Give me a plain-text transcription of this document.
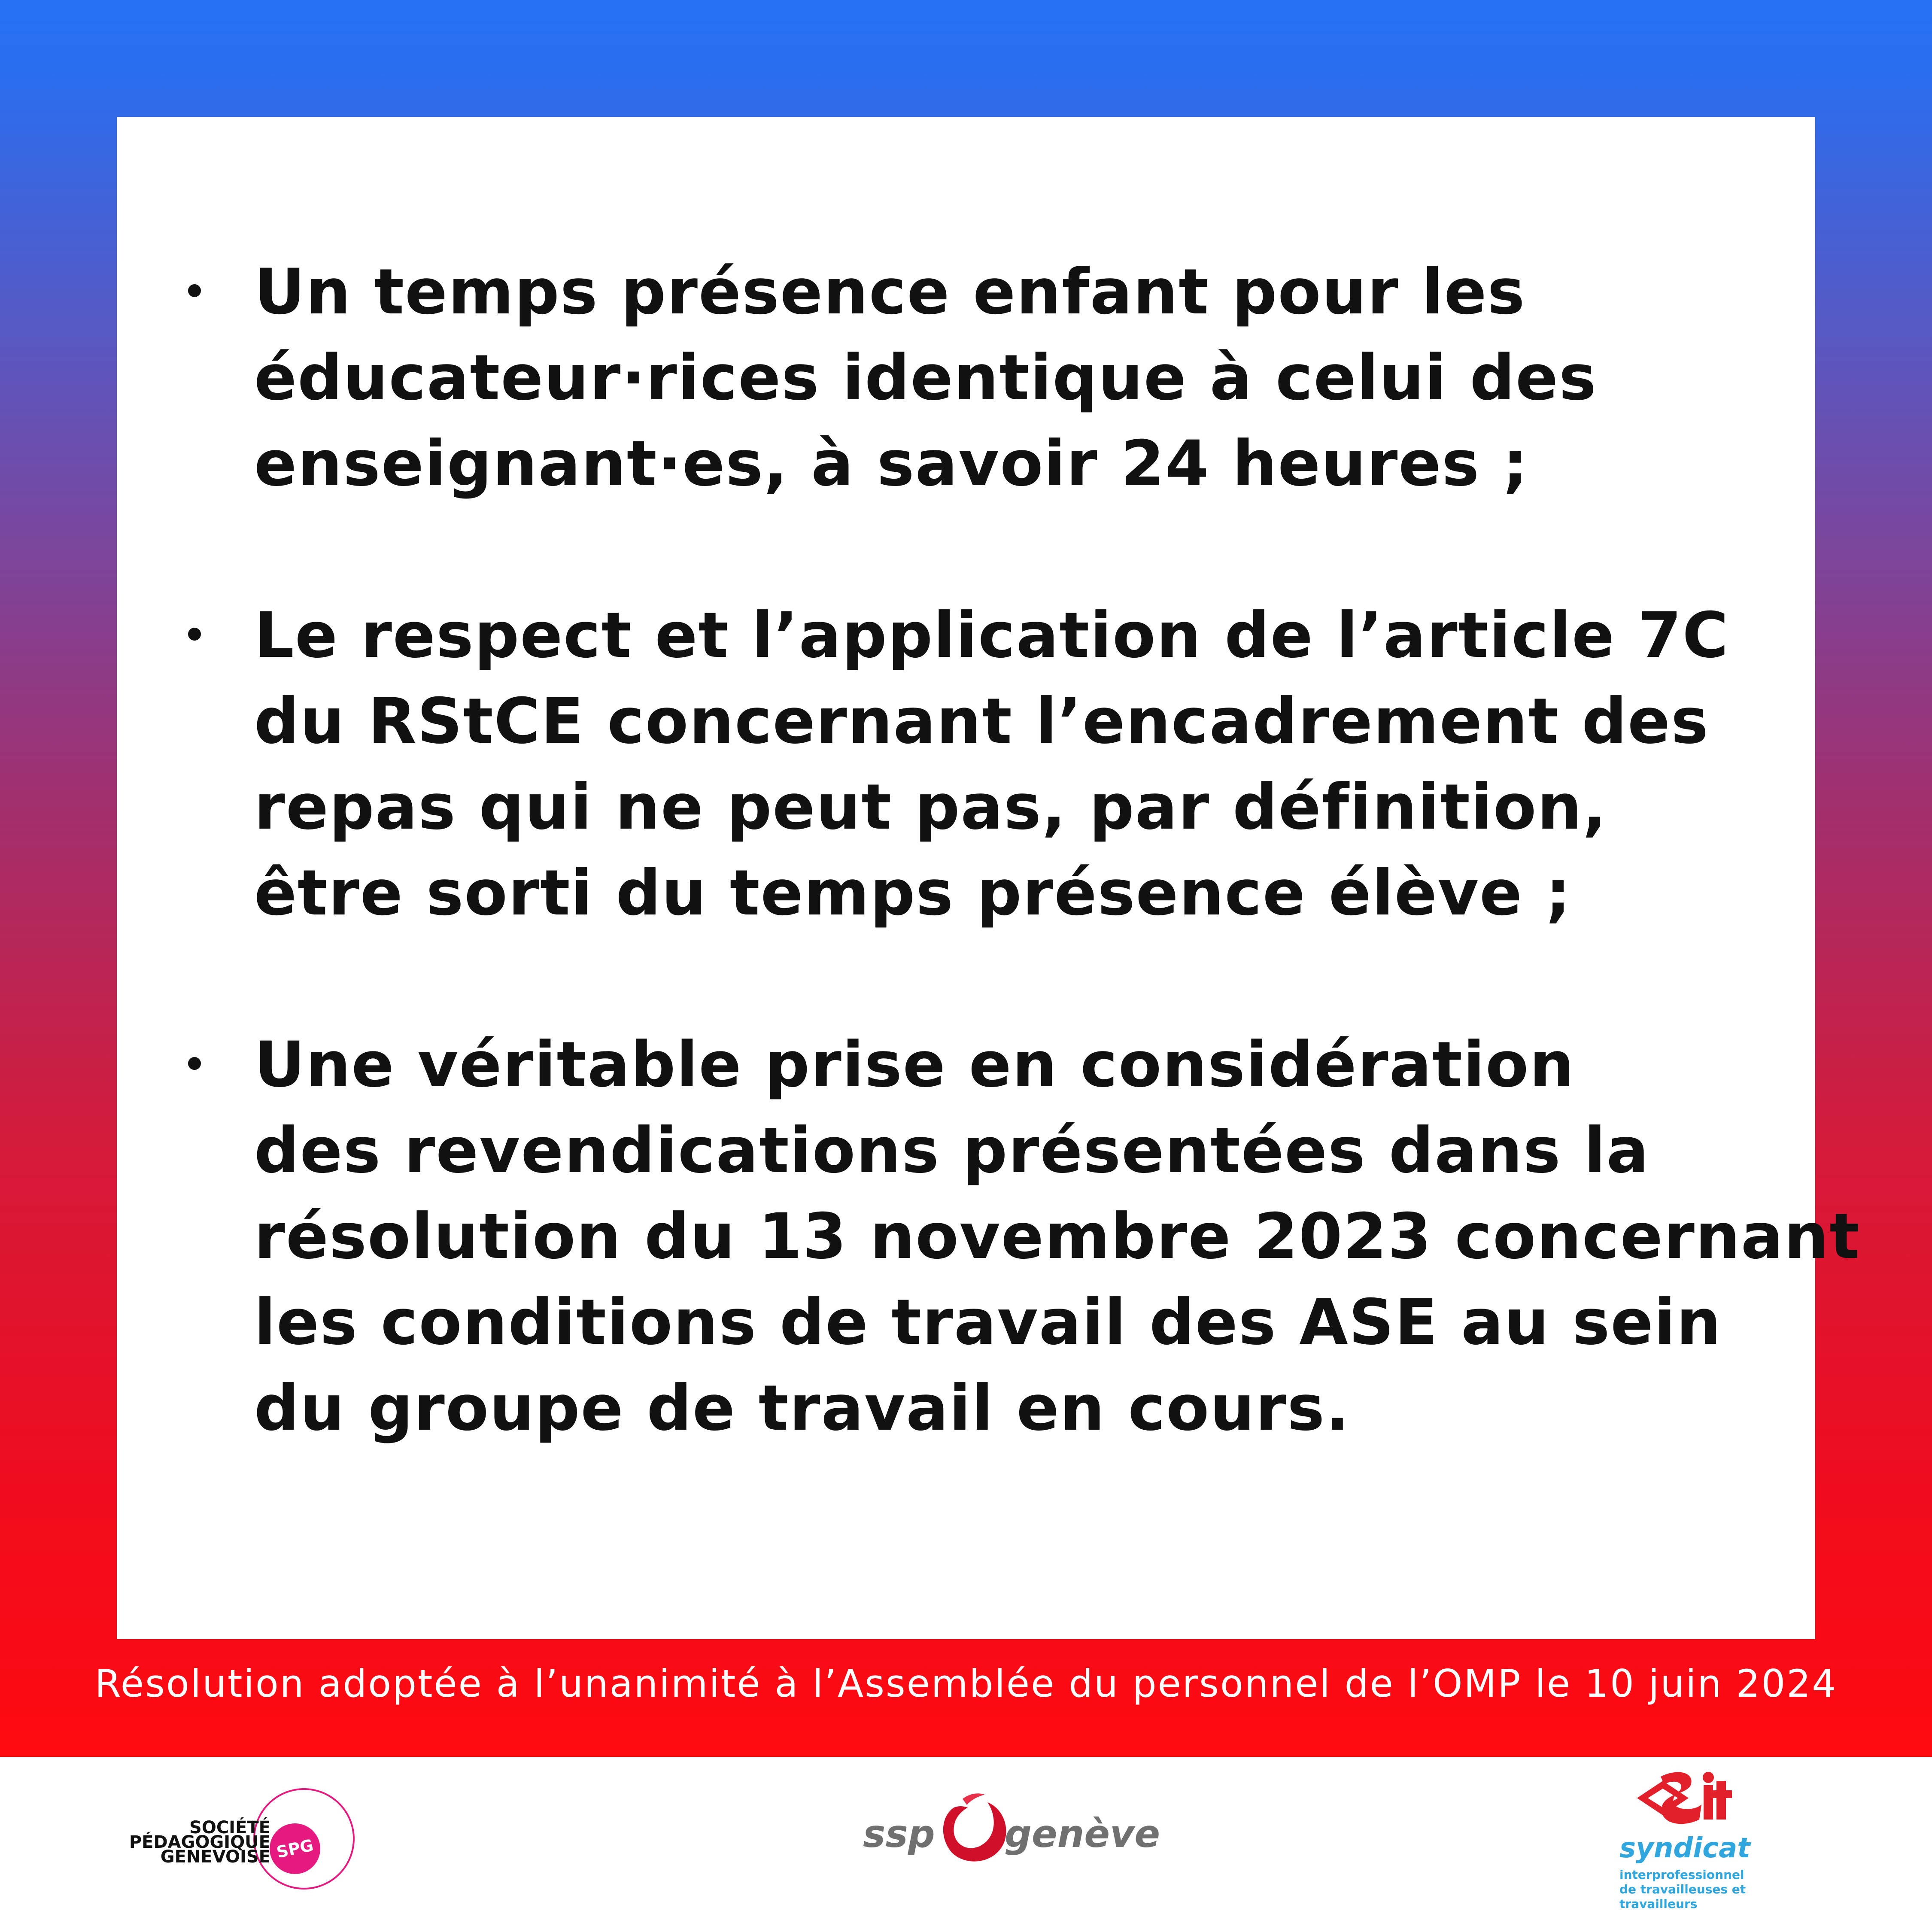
Un temps présence enfant pour les
éducateur·rices identique à celui des
enseignant·es, à savoir 24 heures ;
Le respect et l’application de l’article 7C
du RStCE concernant l’encadrement des
repas qui ne peut pas, par définition,
être sorti du temps présence élève ;
Une véritable prise en considération
des revendications présentées dans la
résolution du 13 novembre 2023 concernant
les conditions de travail des ASE au sein
du groupe de travail en cours.
Résolution adoptée à l’unanimité à l’Assemblée du personnel de l’OMP le 10 juin 2024
SPG
SOCIÉTÉ
PÉDAGOGIQUE
GENEVOISE
ssp genève	syndicat
interprofessionnel
de travailleuses et
travailleurs
